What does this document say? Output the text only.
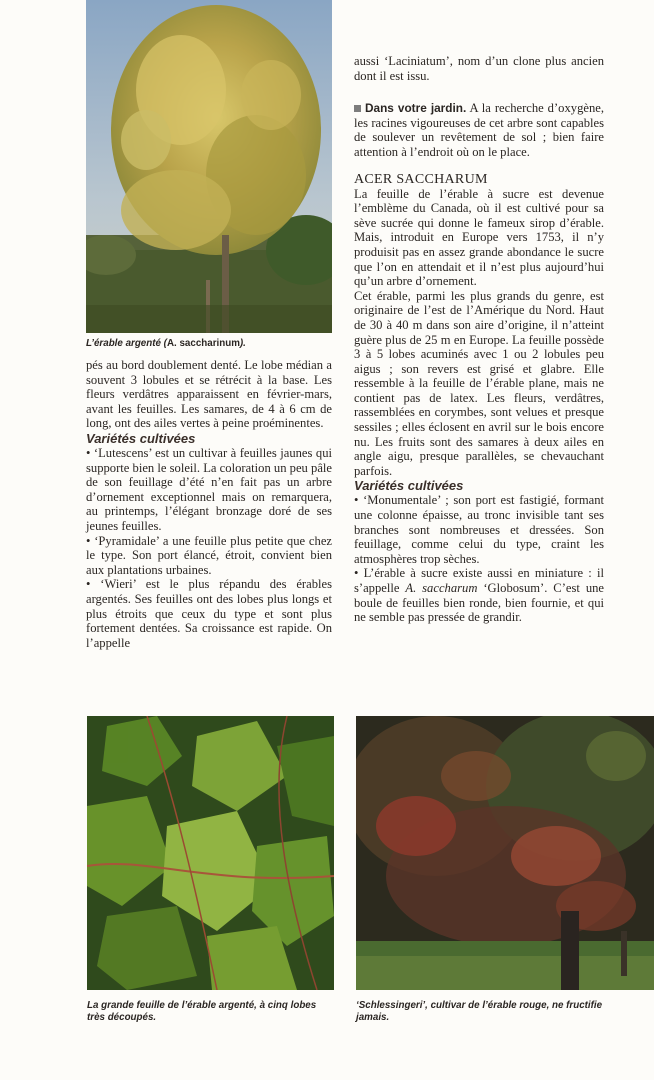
L’érable argenté (A. saccharinum).

pés au bord doublement denté. Le lobe médian a souvent 3 lobules et se rétrécit à la base. Les fleurs verdâtres apparaissent en février-mars, avant les feuilles. Les samares, de 4 à 6 cm de long, ont des ailes vertes à peine proéminentes.

Variétés cultivées

• ‘Lutescens’ est un cultivar à feuilles jaunes qui supporte bien le soleil. La coloration un peu pâle de son feuillage d’été n’en fait pas un arbre d’ornement exceptionnel mais on remarquera, au printemps, l’élégant bronzage doré de ses jeunes feuilles.

• ‘Pyramidale’ a une feuille plus petite que chez le type. Son port élancé, étroit, convient bien aux plantations urbaines.

• ‘Wieri’ est le plus répandu des érables argentés. Ses feuilles ont des lobes plus longs et plus étroits que ceux du type et sont plus fortement dentées. Sa croissance est rapide. On l’appelle

aussi ‘Laciniatum’, nom d’un clone plus ancien dont il est issu.

Dans votre jardin. A la recherche d’oxygène, les racines vigoureuses de cet arbre sont capables de soulever un revêtement de sol ; bien faire attention à l’endroit où on le place.

ACER SACCHARUM

La feuille de l’érable à sucre est devenue l’emblème du Canada, où il est cultivé pour sa sève sucrée qui donne le fameux sirop d’érable. Mais, introduit en Europe vers 1753, il n’y produisit pas en assez grande abondance le sucre que l’on en attendait et il n’est plus aujourd’hui qu’un arbre d’ornement.

Cet érable, parmi les plus grands du genre, est originaire de l’est de l’Amérique du Nord. Haut de 30 à 40 m dans son aire d’origine, il n’atteint guère plus de 25 m en Europe. La feuille possède 3 à 5 lobes acuminés avec 1 ou 2 lobules peu aigus ; son revers est grisé et glabre. Elle ressemble à la feuille de l’érable plane, mais ne contient pas de latex. Les fleurs, verdâtres, rassemblées en corymbes, sont velues et presque sessiles ; elles éclosent en avril sur le bois encore nu. Les fruits sont des samares à deux ailes en angle aigu, presque parallèles, se chevauchant parfois.

Variétés cultivées

• ‘Monumentale’ ; son port est fastigié, formant une colonne épaisse, au tronc invisible tant ses branches sont nombreuses et dressées. Son feuillage, comme celui du type, craint les atmosphères trop sèches.

• L’érable à sucre existe aussi en miniature : il s’appelle A. saccharum ‘Globosum’. C’est une boule de feuilles bien ronde, bien fournie, et qui ne semble pas pressée de grandir.

La grande feuille de l’érable argenté, à cinq lobes très découpés.

‘Schlessingeri’, cultivar de l’érable rouge, ne fructifie jamais.
